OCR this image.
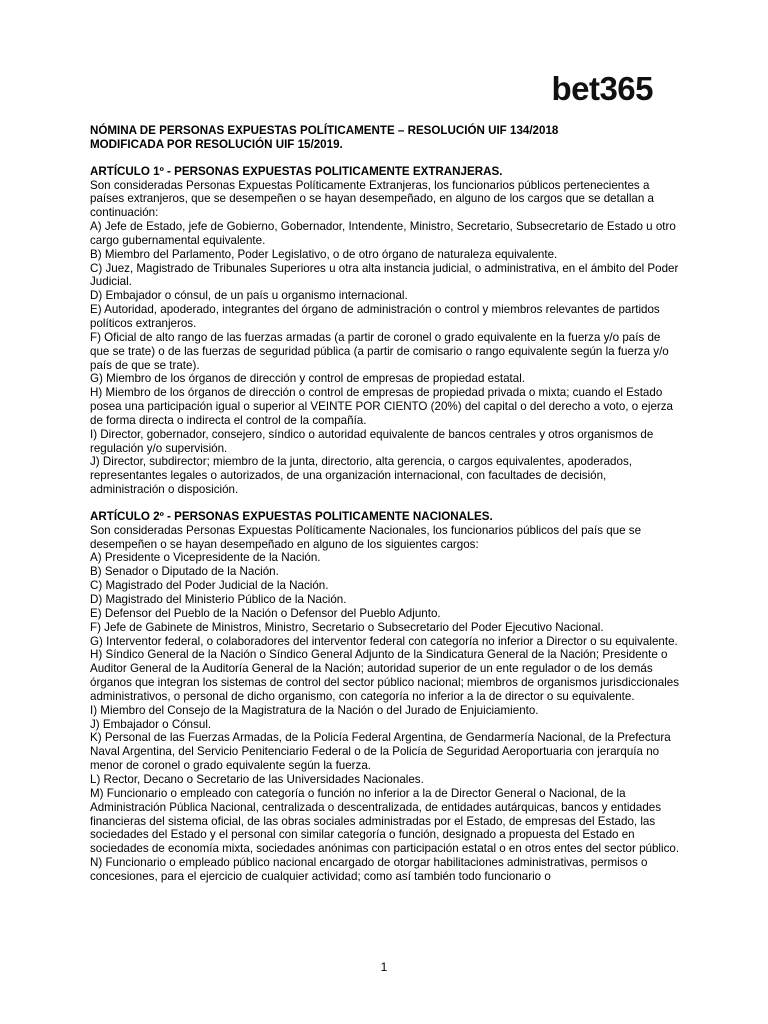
bet365

NÓMINA DE PERSONAS EXPUESTAS POLÍTICAMENTE – RESOLUCIÓN UIF 134/2018

MODIFICADA POR RESOLUCIÓN UIF 15/2019.

ARTÍCULO 1º - PERSONAS EXPUESTAS POLITICAMENTE EXTRANJERAS.

Son consideradas Personas Expuestas Políticamente Extranjeras, los funcionarios públicos pertenecientes a países extranjeros, que se desempeñen o se hayan desempeñado, en alguno de los cargos que se detallan a continuación:

A) Jefe de Estado, jefe de Gobierno, Gobernador, Intendente, Ministro, Secretario, Subsecretario de Estado u otro cargo gubernamental equivalente.

B) Miembro del Parlamento, Poder Legislativo, o de otro órgano de naturaleza equivalente.

C) Juez, Magistrado de Tribunales Superiores u otra alta instancia judicial, o administrativa, en el ámbito del Poder Judicial.

D) Embajador o cónsul, de un país u organismo internacional.

E) Autoridad, apoderado, integrantes del órgano de administración o control y miembros relevantes de partidos políticos extranjeros.

F) Oficial de alto rango de las fuerzas armadas (a partir de coronel o grado equivalente en la fuerza y/o país de que se trate) o de las fuerzas de seguridad pública (a partir de comisario o rango equivalente según la fuerza y/o país de que se trate).

G) Miembro de los órganos de dirección y control de empresas de propiedad estatal.

H) Miembro de los órganos de dirección o control de empresas de propiedad privada o mixta; cuando el Estado posea una participación igual o superior al VEINTE POR CIENTO (20%) del capital o del derecho a voto, o ejerza de forma directa o indirecta el control de la compañía.

I) Director, gobernador, consejero, síndico o autoridad equivalente de bancos centrales y otros organismos de regulación y/o supervisión.

J) Director, subdirector; miembro de la junta, directorio, alta gerencia, o cargos equivalentes, apoderados, representantes legales o autorizados, de una organización internacional, con facultades de decisión, administración o disposición.

ARTÍCULO 2º - PERSONAS EXPUESTAS POLITICAMENTE NACIONALES.

Son consideradas Personas Expuestas Políticamente Nacionales, los funcionarios públicos del país que se desempeñen o se hayan desempeñado en alguno de los siguientes cargos:

A) Presidente o Vicepresidente de la Nación.

B) Senador o Diputado de la Nación.

C) Magistrado del Poder Judicial de la Nación.

D) Magistrado del Ministerio Público de la Nación.

E) Defensor del Pueblo de la Nación o Defensor del Pueblo Adjunto.

F) Jefe de Gabinete de Ministros, Ministro, Secretario o Subsecretario del Poder Ejecutivo Nacional.

G) Interventor federal, o colaboradores del interventor federal con categoría no inferior a Director o su equivalente.

H) Síndico General de la Nación o Síndico General Adjunto de la Sindicatura General de la Nación; Presidente o Auditor General de la Auditoría General de la Nación; autoridad superior de un ente regulador o de los demás órganos que integran los sistemas de control del sector público nacional; miembros de organismos jurisdiccionales administrativos, o personal de dicho organismo, con categoría no inferior a la de director o su equivalente.

I) Miembro del Consejo de la Magistratura de la Nación o del Jurado de Enjuiciamiento.

J) Embajador o Cónsul.

K) Personal de las Fuerzas Armadas, de la Policía Federal Argentina, de Gendarmería Nacional, de la Prefectura Naval Argentina, del Servicio Penitenciario Federal o de la Policía de Seguridad Aeroportuaria con jerarquía no menor de coronel o grado equivalente según la fuerza.

L) Rector, Decano o Secretario de las Universidades Nacionales.

M) Funcionario o empleado con categoría o función no inferior a la de Director General o Nacional, de la Administración Pública Nacional, centralizada o descentralizada, de entidades autárquicas, bancos y entidades financieras del sistema oficial, de las obras sociales administradas por el Estado, de empresas del Estado, las sociedades del Estado y el personal con similar categoría o función, designado a propuesta del Estado en sociedades de economía mixta, sociedades anónimas con participación estatal o en otros entes del sector público.

N) Funcionario o empleado público nacional encargado de otorgar habilitaciones administrativas, permisos o concesiones, para el ejercicio de cualquier actividad; como así también todo funcionario o

1
